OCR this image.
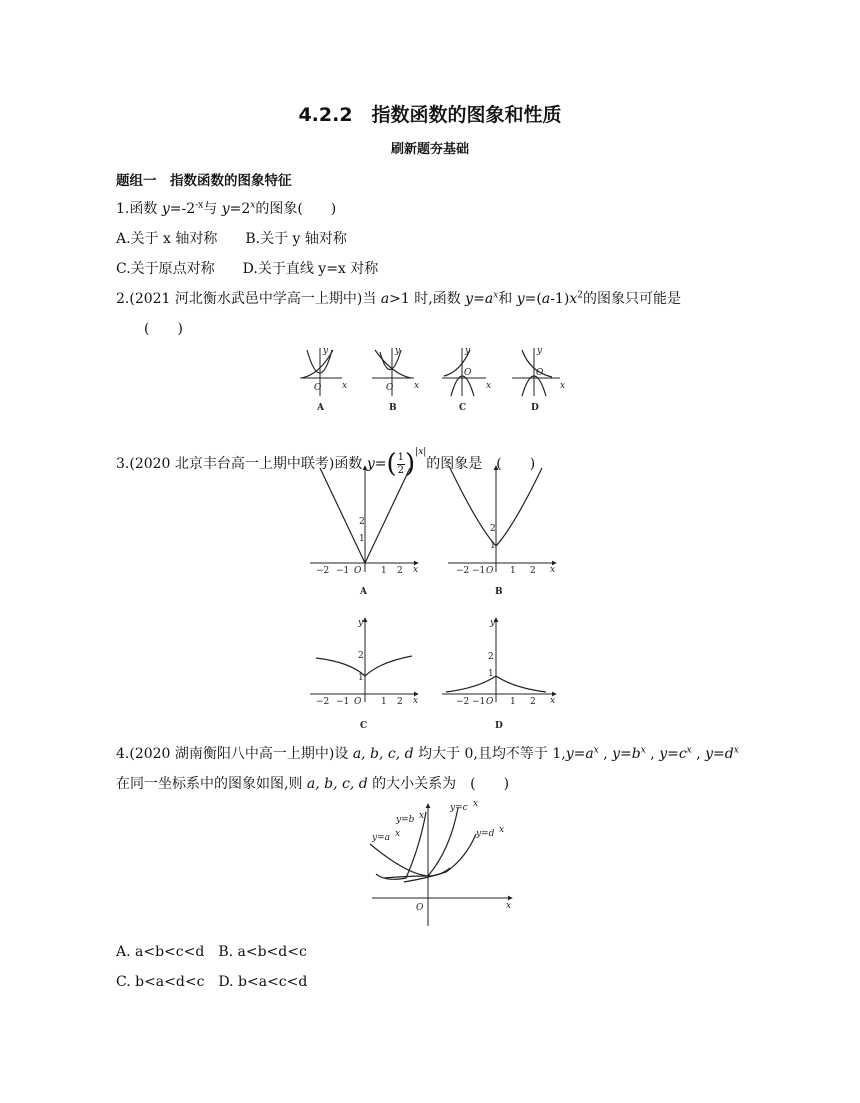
4.2.2　指数函数的图象和性质
刷新题夯基础
题组一　指数函数的图象特征
1.函数 $y=-2^{-x}$与 $y=2^x$的图象(　　)
A.关于 x 轴对称　　 B.关于 y 轴对称
C.关于原点对称　　 D.关于直线 y=x 对称
2.(2021 河北衡水武邑中学高一上期中)当 a>1 时,函数 $y=a^x$和 $y=(a-1)x^2$的图象只可能是
(　　)
y
x
O
A
y
x
O
B
y
x
O
C
y
x
O
D
3.(2020 北京丰台高一上期中联考)函数 $y=( \frac{1}{2} )^{|x|}$的图象是　(　　)
−2 −1 O 1 2 x
2
1
A
−2 −1 O 1 2 x
2
1
B
−2 −1 O 1 2 x
2
1
y
C
−2 −1 O 1 2 x
2
1
y
D
4.(2020 湖南衡阳八中高一上期中)设 a, b, c, d 均大于 0,且均不等于 $1,y=a^x$ , $y=b^x$ , $y=c^x$ , $y=d^x$
在同一坐标系中的图象如图,则 a, b, c, d 的大小关系为　(　　)
y=a x
y=b x
y=c x
y=d x
O	x
A. a<b<c<d　B. a<b<d<c
C. b<a<d<c　D. b<a<c<d
